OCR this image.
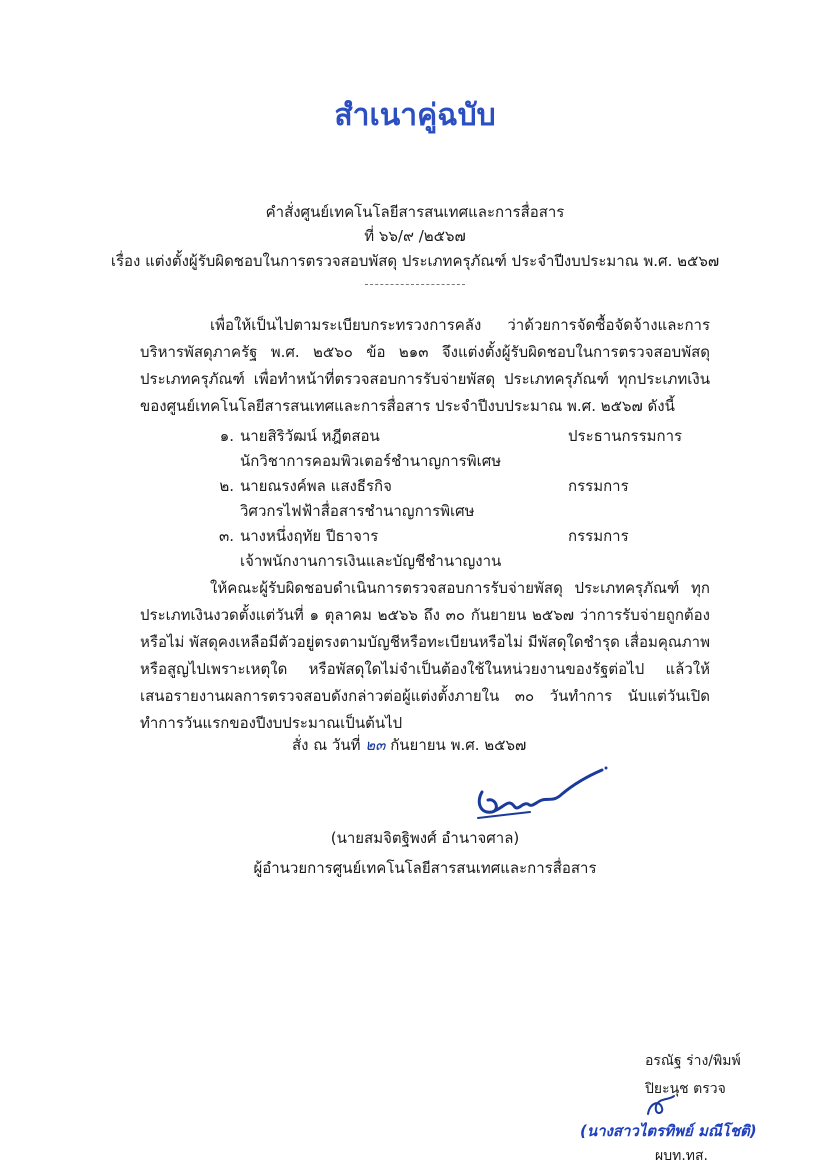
สำเนาคู่ฉบับ
คำสั่งศูนย์เทคโนโลยีสารสนเทศและการสื่อสาร
ที่ ๖๖/๙ /๒๕๖๗
เรื่อง แต่งตั้งผู้รับผิดชอบในการตรวจสอบพัสดุ ประเภทครุภัณฑ์ ประจำปีงบประมาณ พ.ศ. ๒๕๖๗
เพื่อให้เป็นไปตามระเบียบกระทรวงการคลัง ว่าด้วยการจัดซื้อจัดจ้างและการบริหารพัสดุภาครัฐ พ.ศ. ๒๕๖๐ ข้อ ๒๑๓ จึงแต่งตั้งผู้รับผิดชอบในการตรวจสอบพัสดุ ประเภทครุภัณฑ์ เพื่อทำหน้าที่ตรวจสอบการรับจ่ายพัสดุ ประเภทครุภัณฑ์ ทุกประเภทเงินของศูนย์เทคโนโลยีสารสนเทศและการสื่อสาร ประจำปีงบประมาณ พ.ศ. ๒๕๖๗ ดังนี้
๑. นายสิริวัฒน์ หฎีตสอน	ประธานกรรมการ
นักวิชาการคอมพิวเตอร์ชำนาญการพิเศษ
๒. นายณรงค์พล แสงธีรกิจ	กรรมการ
วิศวกรไฟฟ้าสื่อสารชำนาญการพิเศษ
๓. นางหนึ่งฤทัย ปีธาจาร	กรรมการ
เจ้าพนักงานการเงินและบัญชีชำนาญงาน
ให้คณะผู้รับผิดชอบดำเนินการตรวจสอบการรับจ่ายพัสดุ ประเภทครุภัณฑ์ ทุกประเภทเงินงวดตั้งแต่วันที่ ๑ ตุลาคม ๒๕๖๖ ถึง ๓๐ กันยายน ๒๕๖๗ ว่าการรับจ่ายถูกต้องหรือไม่ พัสดุคงเหลือมีตัวอยู่ตรงตามบัญชีหรือทะเบียนหรือไม่ มีพัสดุใดชำรุด เสื่อมคุณภาพ หรือสูญไปเพราะเหตุใด หรือพัสดุใดไม่จำเป็นต้องใช้ในหน่วยงานของรัฐต่อไป แล้วให้เสนอรายงานผลการตรวจสอบดังกล่าวต่อผู้แต่งตั้งภายใน ๓๐ วันทำการ นับแต่วันเปิดทำการวันแรกของปีงบประมาณเป็นต้นไป
สั่ง ณ วันที่ ๒๓ กันยายน พ.ศ. ๒๕๖๗
(นายสมจิตฐิพงศ์ อำนาจศาล)
ผู้อำนวยการศูนย์เทคโนโลยีสารสนเทศและการสื่อสาร
อรณัฐ ร่าง/พิมพ์
ปิยะนุช ตรวจ
(นางสาวไตรทิพย์ มณีโชติ)
ผบท.ทส.
